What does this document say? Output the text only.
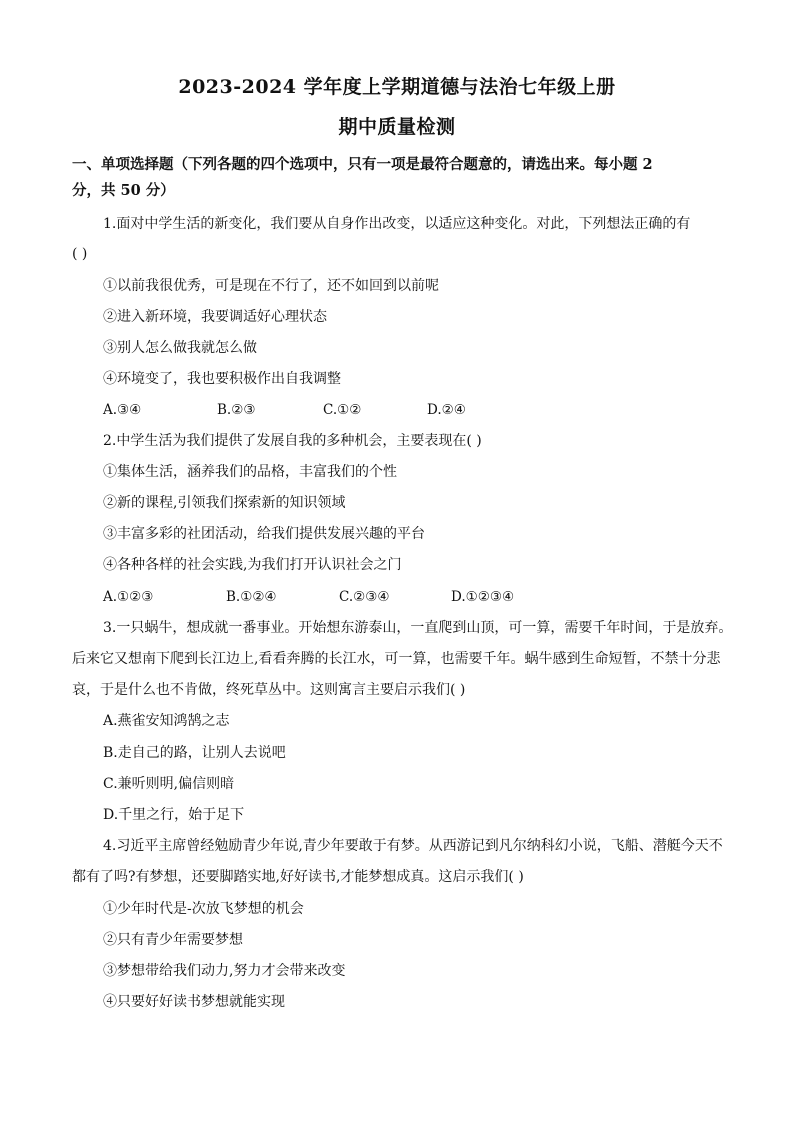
2023-2024 学年度上学期道德与法治七年级上册
期中质量检测
一、单项选择题（下列各题的四个选项中，只有一项是最符合题意的，请选出来。每小题 2
分，共 50 分）
1.面对中学生活的新变化，我们要从自身作出改变，以适应这种变化。对此，下列想法正确的有
( )
①以前我很优秀，可是现在不行了，还不如回到以前呢
②进入新环境，我要调适好心理状态
③别人怎么做我就怎么做
④环境变了，我也要积极作出自我调整
A.③④	B.②③	C.①②	D.②④
2.中学生活为我们提供了发展自我的多种机会，主要表现在( )
①集体生活，涵养我们的品格，丰富我们的个性
②新的课程,引领我们探索新的知识领域
③丰富多彩的社团活动，给我们提供发展兴趣的平台
④各种各样的社会实践,为我们打开认识社会之门
A.①②③	B.①②④	C.②③④	D.①②③④
3.一只蜗牛，想成就一番事业。开始想东游泰山，一直爬到山顶，可一算，需要千年时间，于是放弃。
后来它又想南下爬到长江边上,看看奔腾的长江水，可一算，也需要千年。蜗牛感到生命短暂，不禁十分悲
哀，于是什么也不肯做，终死草丛中。这则寓言主要启示我们( )
A.燕雀安知鸿鹄之志
B.走自己的路，让别人去说吧
C.兼听则明,偏信则暗
D.千里之行，始于足下
4.习近平主席曾经勉励青少年说,青少年要敢于有梦。从西游记到凡尔纳科幻小说，飞船、潜艇今天不
都有了吗?有梦想，还要脚踏实地,好好读书,才能梦想成真。这启示我们( )
①少年时代是-次放飞梦想的机会
②只有青少年需要梦想
③梦想带给我们动力,努力才会带来改变
④只要好好读书梦想就能实现
